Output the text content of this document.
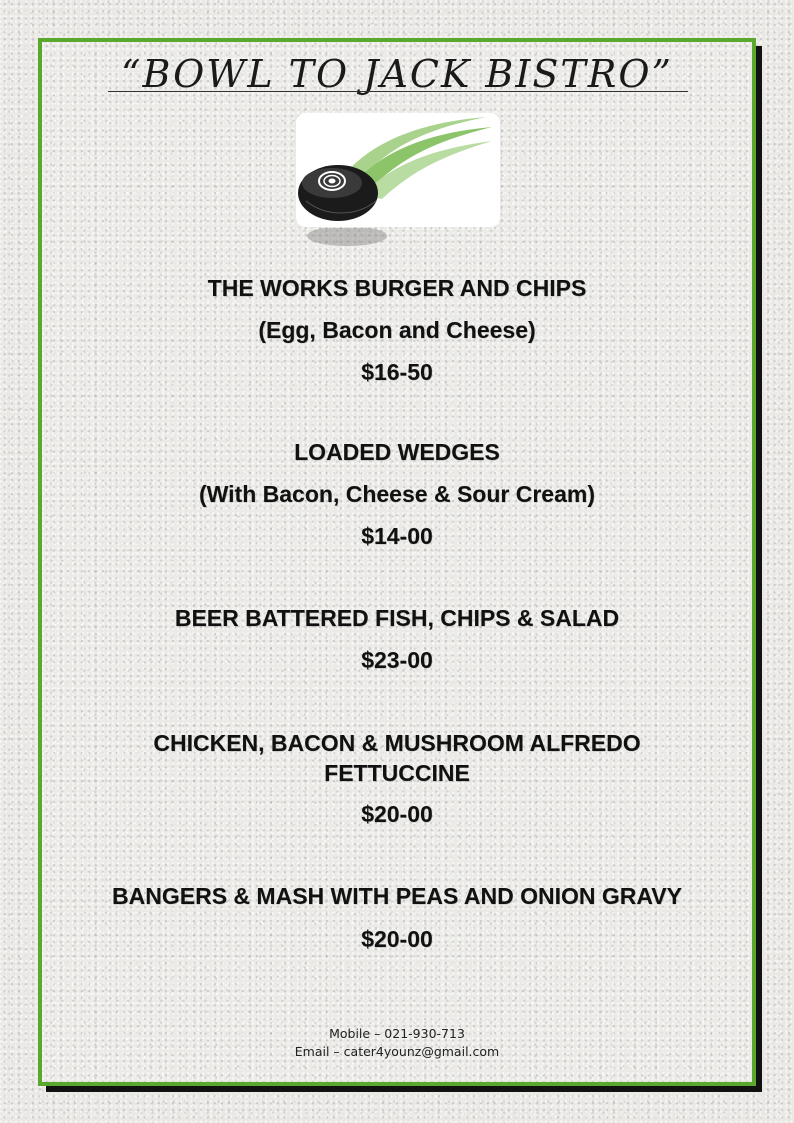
“BOWL TO JACK BISTRO”
THE WORKS BURGER AND CHIPS
(Egg, Bacon and Cheese)
$16-50
LOADED WEDGES
(With Bacon, Cheese & Sour Cream)
$14-00
BEER BATTERED FISH, CHIPS & SALAD
$23-00
CHICKEN, BACON & MUSHROOM ALFREDO
FETTUCCINE
$20-00
BANGERS & MASH WITH PEAS AND ONION GRAVY
$20-00
Mobile – 021-930-713
Email – cater4younz@gmail.com
